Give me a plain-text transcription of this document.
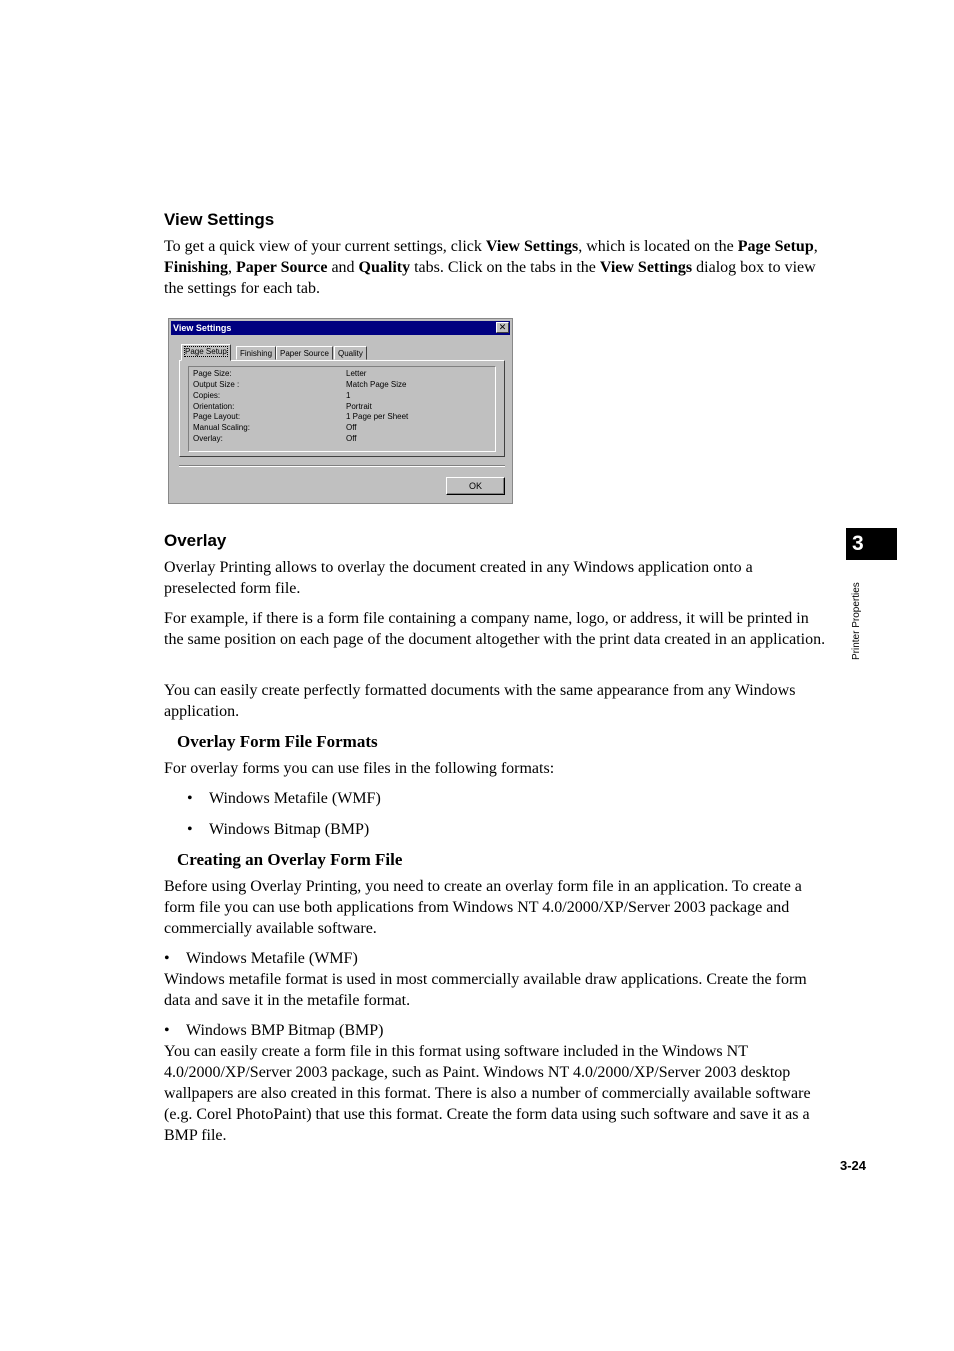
View Settings

To get a quick view of your current settings, click View Settings, which is located on the Page Setup, Finishing, Paper Source and Quality tabs. Click on the tabs in the View Settings dialog box to view the settings for each tab.

View Settings	✕
Page Setup	Finishing Paper Source	Quality
Page Size:	Letter
Output Size :	Match Page Size
Copies:	1
Orientation:	Portrait
Page Layout:	1 Page per Sheet
Manual Scaling:	Off
Overlay:	Off
OK
Overlay

Overlay Printing allows to overlay the document created in any Windows application onto a preselected form file.

For example, if there is a form file containing a company name, logo, or address, it will be printed in the same position on each page of the document altogether with the print data created in an application.

You can easily create perfectly formatted documents with the same appearance from any Windows application.

Overlay Form File Formats

For overlay forms you can use files in the following formats:

• Windows Metafile (WMF)
• Windows Bitmap (BMP)
Creating an Overlay Form File

Before using Overlay Printing, you need to create an overlay form file in an application. To create a form file you can use both applications from Windows NT 4.0/2000/XP/Server 2003 package and commercially available software.

• Windows Metafile (WMF)

Windows metafile format is used in most commercially available draw applications. Create the form data and save it in the metafile format.

• Windows BMP Bitmap (BMP)

You can easily create a form file in this format using software included in the Windows NT 4.0/2000/XP/Server 2003 package, such as Paint. Windows NT 4.0/2000/XP/Server 2003 desktop wallpapers are also created in this format. There is also a number of commercially available software (e.g. Corel PhotoPaint) that use this format. Create the form data using such software and save it as a BMP file.

3
Printer Properties
3-24
